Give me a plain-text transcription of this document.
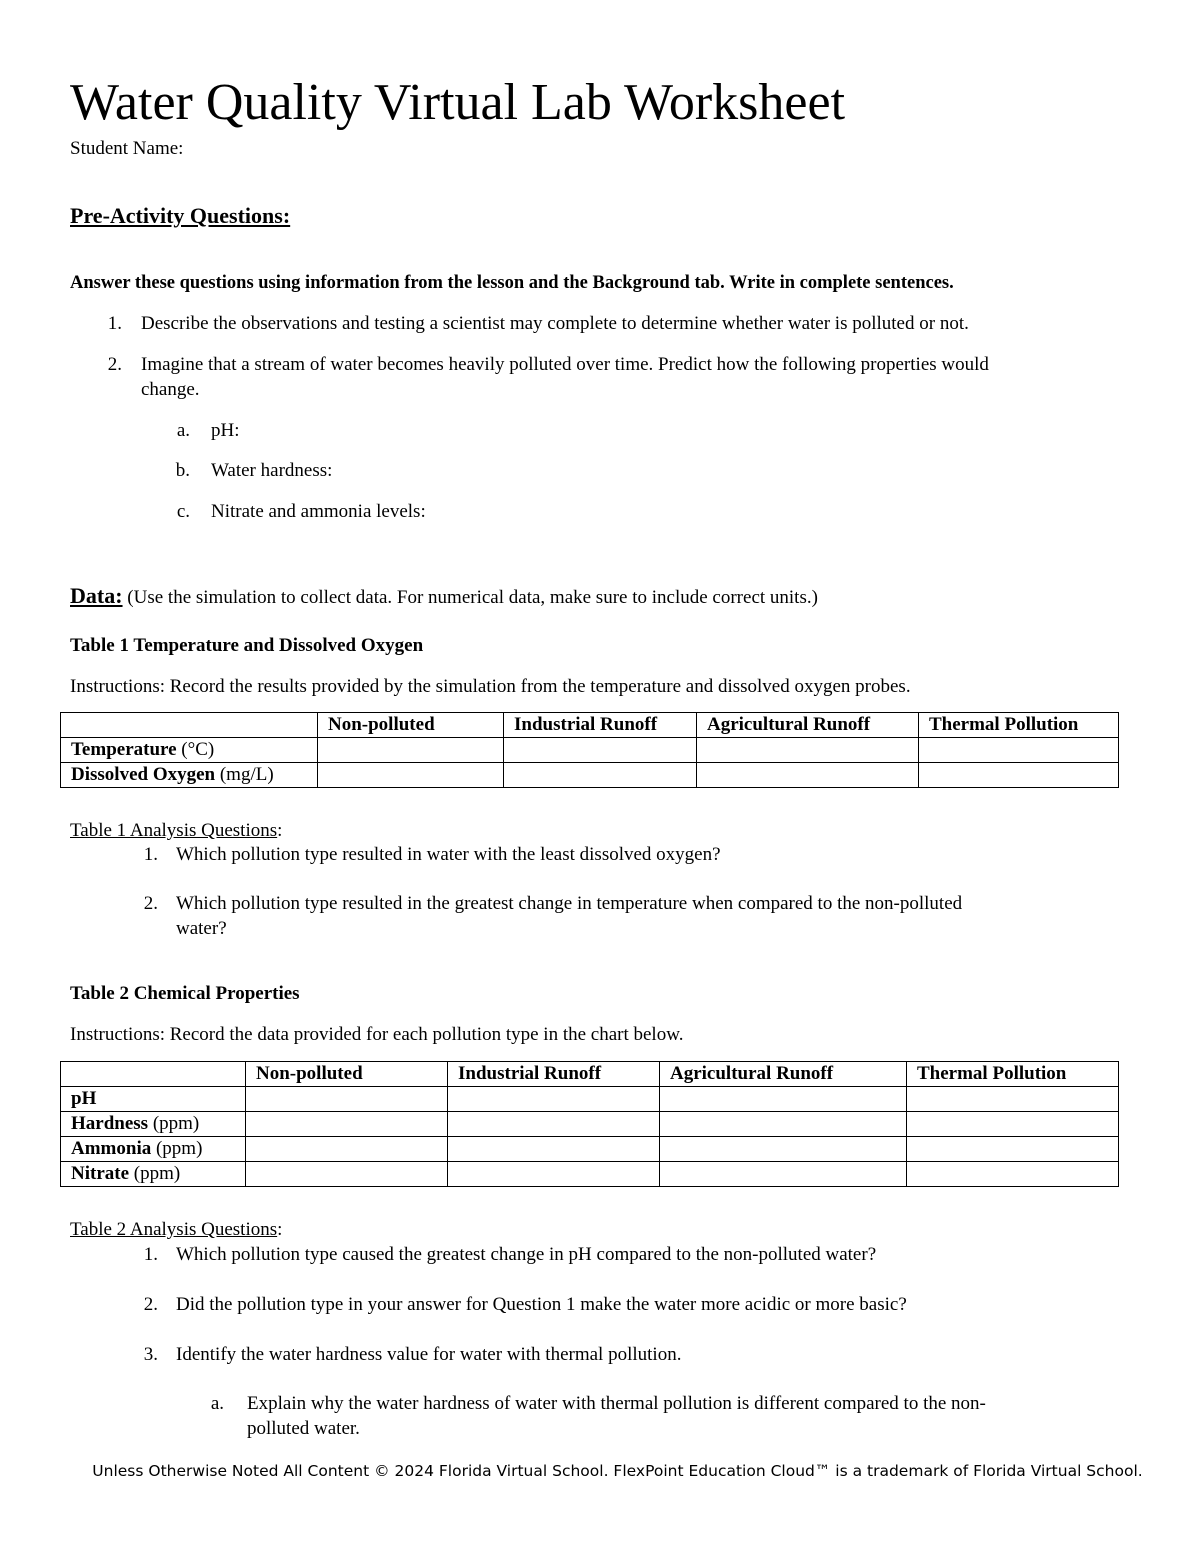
Water Quality Virtual Lab Worksheet

Student Name:

Pre-Activity Questions:

Answer these questions using information from the lesson and the Background tab. Write in complete sentences.

1. Describe the observations and testing a scientist may complete to determine whether water is polluted or not.

2. Imagine that a stream of water becomes heavily polluted over time. Predict how the following properties would

change.

a. pH:

b. Water hardness:

c. Nitrate and ammonia levels:

Data: (Use the simulation to collect data. For numerical data, make sure to include correct units.)

Table 1 Temperature and Dissolved Oxygen

Instructions: Record the results provided by the simulation from the temperature and dissolved oxygen probes.

	Non-polluted	Industrial Runoff	Agricultural Runoff	Thermal Pollution
Temperature (°C)				
Dissolved Oxygen (mg/L)				

Table 1 Analysis Questions:

1. Which pollution type resulted in water with the least dissolved oxygen?

2. Which pollution type resulted in the greatest change in temperature when compared to the non-polluted

water?

Table 2 Chemical Properties

Instructions: Record the data provided for each pollution type in the chart below.

	Non-polluted	Industrial Runoff	Agricultural Runoff	Thermal Pollution
pH				
Hardness (ppm)				
Ammonia (ppm)				
Nitrate (ppm)				

Table 2 Analysis Questions:

1. Which pollution type caused the greatest change in pH compared to the non-polluted water?

2. Did the pollution type in your answer for Question 1 make the water more acidic or more basic?

3. Identify the water hardness value for water with thermal pollution.

a. Explain why the water hardness of water with thermal pollution is different compared to the non-

polluted water.

Unless Otherwise Noted All Content © 2024 Florida Virtual School. FlexPoint Education Cloud™ is a trademark of Florida Virtual School.
